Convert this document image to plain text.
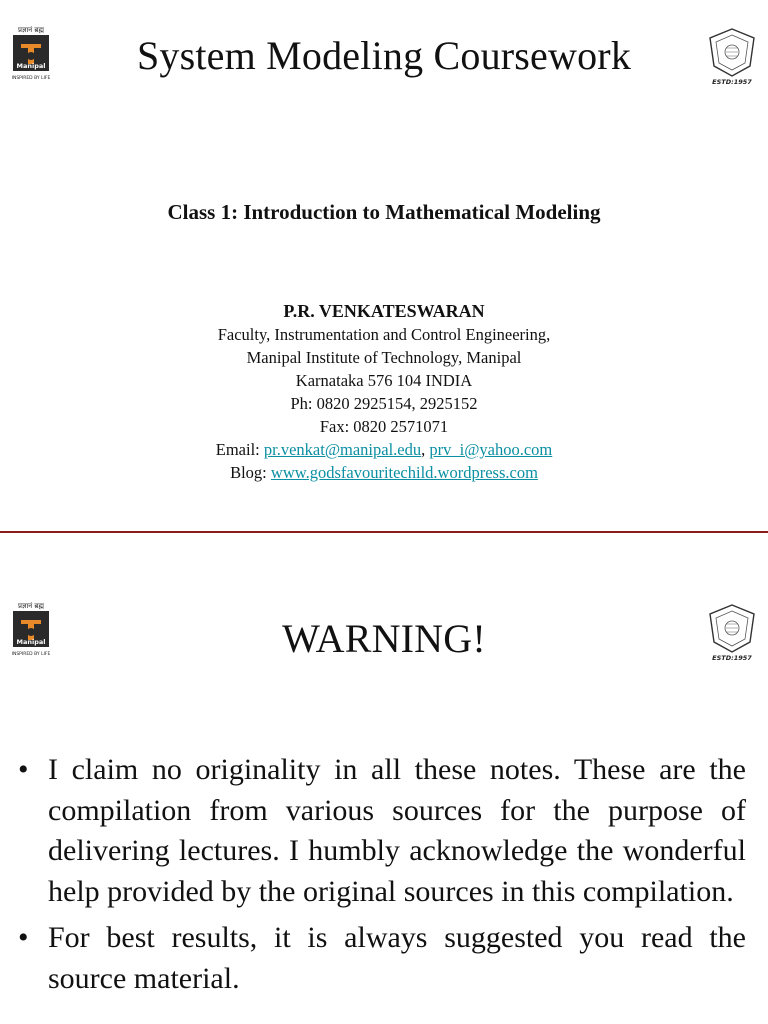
प्रज्ञानं ब्रह्म
Manipal
INSPIRED BY LIFE
System Modeling Coursework
ESTD:1957
Class 1: Introduction to Mathematical Modeling
P.R. VENKATESWARAN
Faculty, Instrumentation and Control Engineering,
Manipal Institute of Technology, Manipal
Karnataka 576 104 INDIA
Ph: 0820 2925154, 2925152
Fax: 0820 2571071
Email: pr.venkat@manipal.edu, prv_i@yahoo.com
Blog: www.godsfavouritechild.wordpress.com
प्रज्ञानं ब्रह्म
Manipal
INSPIRED BY LIFE	ESTD:1957
WARNING!
• I claim no originality in all these notes. These are the compilation from various sources for the purpose of delivering lectures. I humbly acknowledge the wonderful help provided by the original sources in this compilation.
• For best results, it is always suggested you read the source material.
